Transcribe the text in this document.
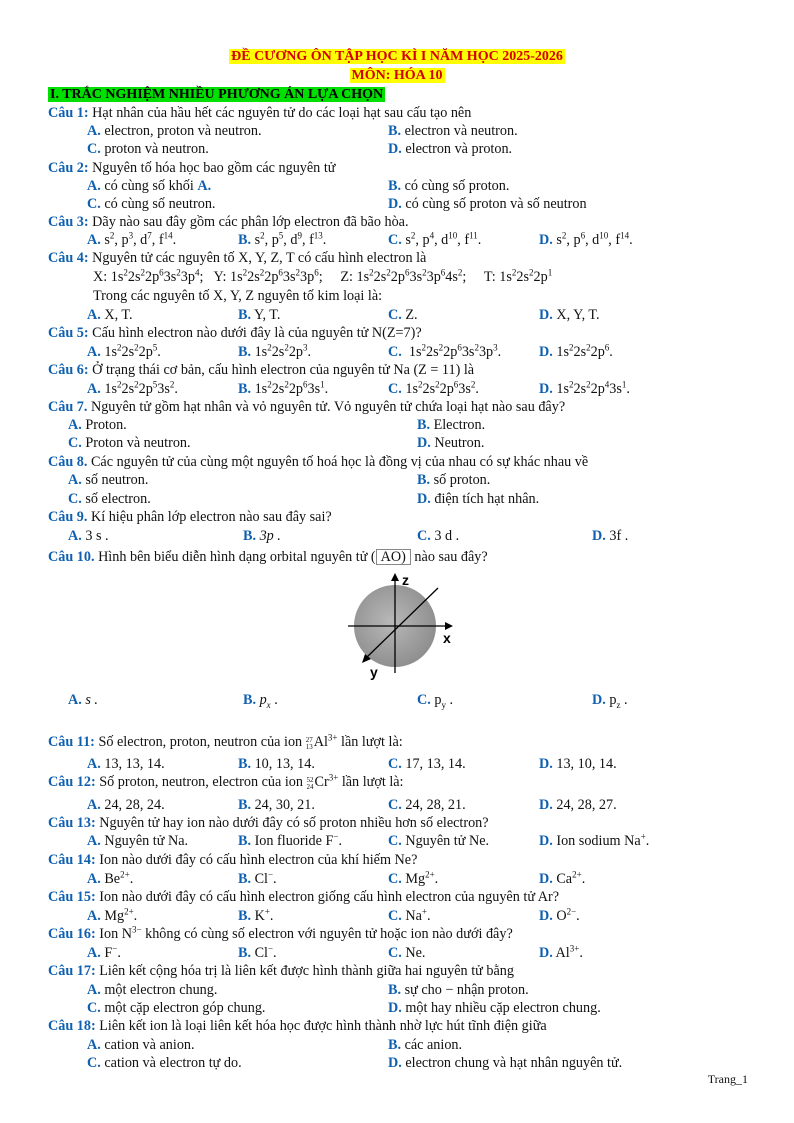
ĐỀ CƯƠNG ÔN TẬP HỌC KÌ I NĂM HỌC 2025-2026
MÔN: HÓA 10
I. TRẮC NGHIỆM NHIỀU PHƯƠNG ÁN LỰA CHỌN
Câu 1: Hạt nhân của hầu hết các nguyên tử do các loại hạt sau cấu tạo nên
A. electron, proton và neutron.	B. electron và neutron.
C. proton và neutron.	D. electron và proton.
Câu 2: Nguyên tố hóa học bao gồm các nguyên tử
A. có cùng số khối A.	B. có cùng số proton.
C. có cùng số neutron.	D. có cùng số proton và số neutron
Câu 3: Dãy nào sau đây gồm các phân lớp electron đã bão hòa.
A. $s^2$, $p^3$, $d^7$, $f^{14}$.	B. $s^2$, $p^5$, $d^9$, $f^{13}$.	C. $s^2$, $p^4$, $d^{10}$, $f^{11}$.	D. $s^2$, $p^6$, $d^{10}$, $f^{14}$.
Câu 4: Nguyên tử các nguyên tố X, Y, Z, T có cấu hình electron là
X: $1s^22s^22p^63s^23p^4$;   Y: $1s^22s^22p^63s^23p^6$;     Z: $1s^22s^22p^63s^23p^64s^2$;     T: $1s^22s^22p^1$
Trong các nguyên tố X, Y, Z nguyên tố kim loại là:
A. X, T.	B. Y, T.	C. Z.	D. X, Y, T.
Câu 5: Cấu hình electron nào dưới đây là của nguyên tử N(Z=7)?
A. $1s^22s^22p^5$.	B. $1s^22s^22p^3$.	C.  $1s^22s^22p^63s^23p^3$.	D. $1s^22s^22p^6$.
Câu 6: Ở trạng thái cơ bản, cấu hình electron của nguyên tử Na (Z = 11) là
A. $1s^22s^22p^53s^2$.	B. $1s^22s^22p^63s^1$.	C. $1s^22s^22p^63s^2$.	D. $1s^22s^22p^43s^1$.
Câu 7. Nguyên tử gồm hạt nhân và vỏ nguyên tử. Vỏ nguyên tử chứa loại hạt nào sau đây?
A. Proton.	B. Electron.
C. Proton và neutron.	D. Neutron.
Câu 8. Các nguyên tử của cùng một nguyên tố hoá học là đồng vị của nhau có sự khác nhau về
A. số neutron.	B. số proton.
C. số electron.	D. điện tích hạt nhân.
Câu 9. Kí hiệu phân lớp electron nào sau đây sai?
A. 3 s .	B. 3p .	C. 3 d .	D. 3f .
Câu 10. Hình bên biểu diễn hình dạng orbital nguyên tử ( AO) nào sau đây?
z
x
y
A. s .	B. $p_x$ .	C. $p_y$ .	D. $p_z$ .
Câu 11: Số electron, proton, neutron của ion 27
$13Al^{3+}$ lần lượt là:
A. 13, 13, 14.	B. 10, 13, 14.	C. 17, 13, 14.	D. 13, 10, 14.
Câu 12: Số proton, neutron, electron của ion 52
$24Cr^{3+}$ lần lượt là:
A. 24, 28, 24.	B. 24, 30, 21.	C. 24, 28, 21.	D. 24, 28, 27.
Câu 13: Nguyên tử hay ion nào dưới đây có số proton nhiều hơn số electron?
A. Nguyên tử Na.	B. Ion fluoride F−.	C. Nguyên tử Ne.	D. Ion sodium Na+.
Câu 14: Ion nào dưới đây có cấu hình electron của khí hiếm Ne?
A. $Be^{2+}$.	B. Cl−.	C. $Mg^{2+}$.	D. $Ca^{2+}$.
Câu 15: Ion nào dưới đây có cấu hình electron giống cấu hình electron của nguyên tử Ar?
A. $Mg^{2+}$.	B. K+.	C. Na+.	D. $O^{2-}$.
Câu 16: Ion $N^{3-}$ không có cùng số electron với nguyên tử hoặc ion nào dưới đây?
A. F−.	B. Cl−.	C. Ne.	D. $Al^{3+}$.
Câu 17: Liên kết cộng hóa trị là liên kết được hình thành giữa hai nguyên tử bằng
A. một electron chung.	B. sự cho − nhận proton.
C. một cặp electron góp chung.	D. một hay nhiều cặp electron chung.
Câu 18: Liên kết ion là loại liên kết hóa học được hình thành nhờ lực hút tĩnh điện giữa
A. cation và anion.	B. các anion.
C. cation và electron tự do.	D. electron chung và hạt nhân nguyên tử.
Trang_1
